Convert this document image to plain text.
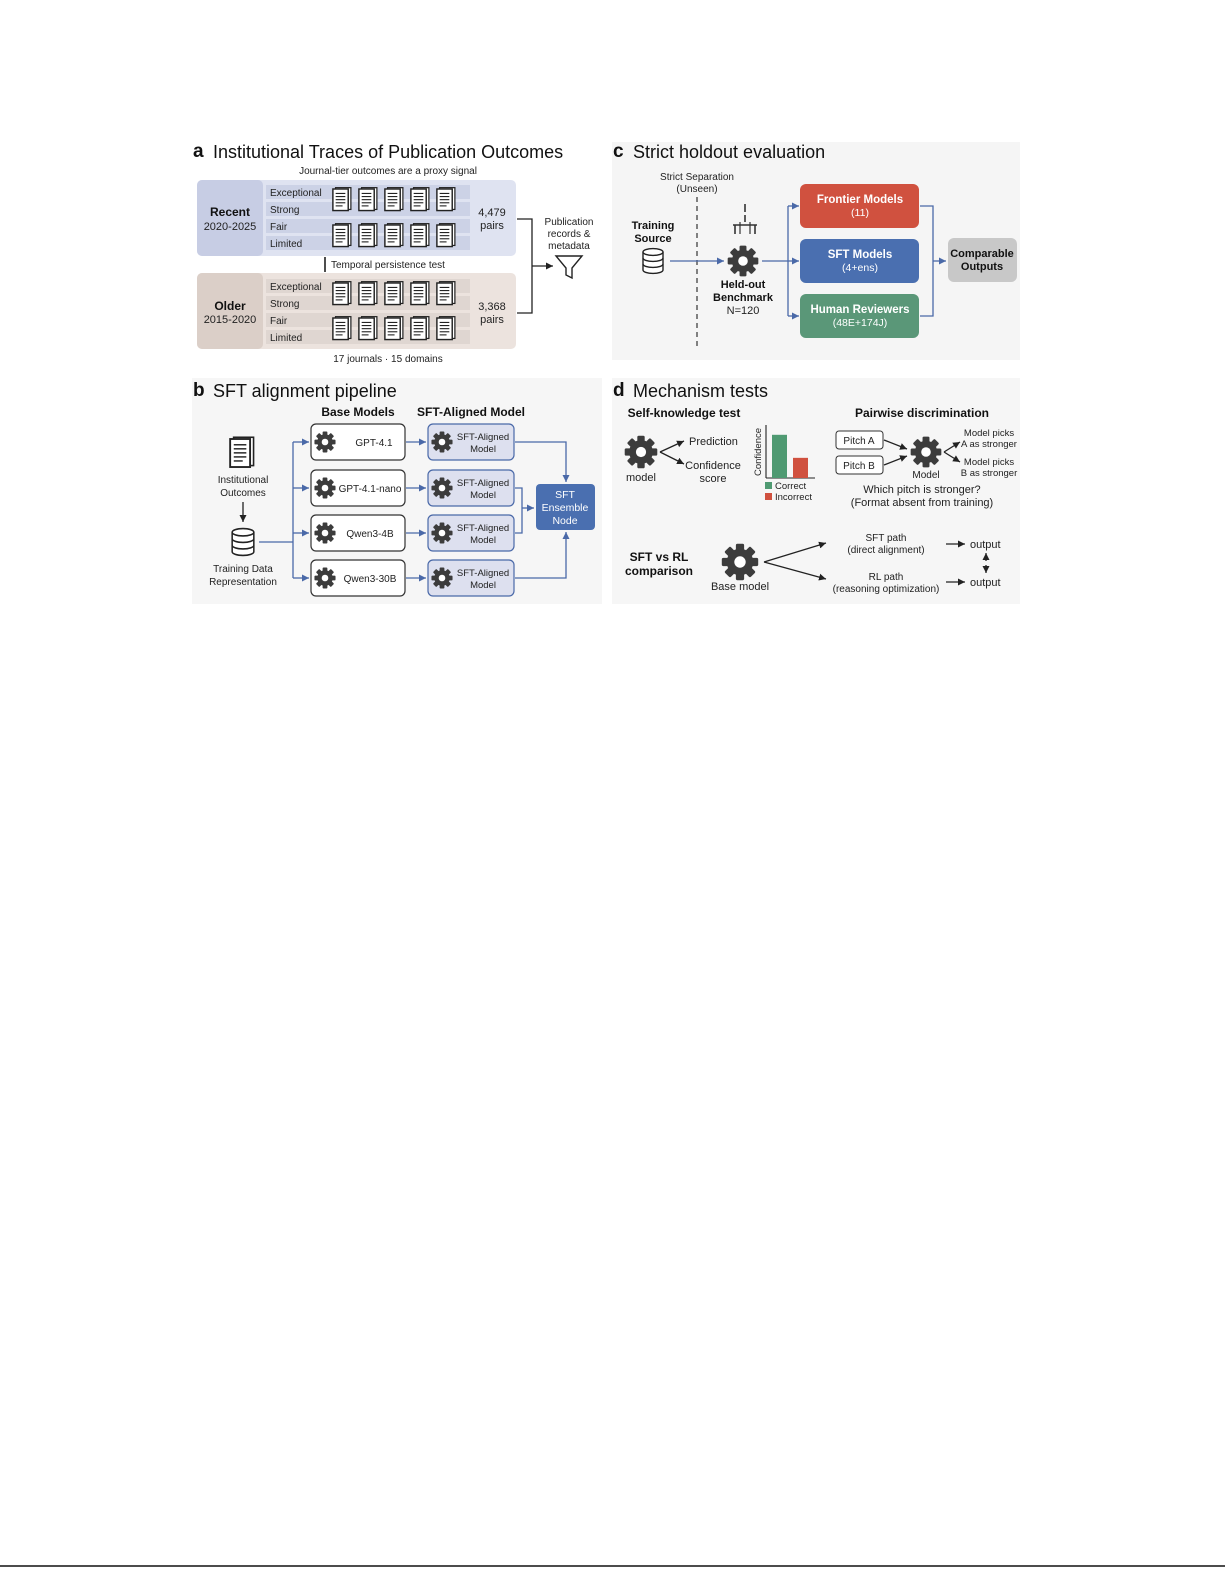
a Institutional Traces of Publication Outcomes
Journal-tier outcomes are a proxy signal
Recent
2020-2025
Exceptional
Strong
Fair
Limited
4,479
pairs
Temporal persistence test
Older
2015-2020
Exceptional
Strong
Fair
Limited
3,368
pairs
Publication
records &
metadata
17 journals · 15 domains
c Strict holdout evaluation
Strict Separation
(Unseen)
Training
Source
Held-out
Benchmark
N=120
Frontier Models
(11)
SFT Models
(4+ens)
Human Reviewers
(48E+174J)
Comparable
Outputs
b SFT alignment pipeline
Base Models SFT-Aligned Model
Institutional
Outcomes
Training Data
Representation
GPT-4.1
SFT-Aligned
Model
GPT-4.1-nano
SFT-Aligned
Model
Qwen3-4B
SFT-Aligned
Model
Qwen3-30B
SFT-Aligned
Model
SFT
Ensemble
Node
d Mechanism tests
Self-knowledge test
model
Prediction
Confidence
score
Confidence
Correct
Incorrect
Pairwise discrimination
Pitch A
Pitch B
Model
Model picks
A as stronger
Model picks
B as stronger
Which pitch is stronger?
(Format absent from training)
SFT vs RL
comparison
Base model
SFT path
(direct alignment)
RL path
(reasoning optimization)
output
output
